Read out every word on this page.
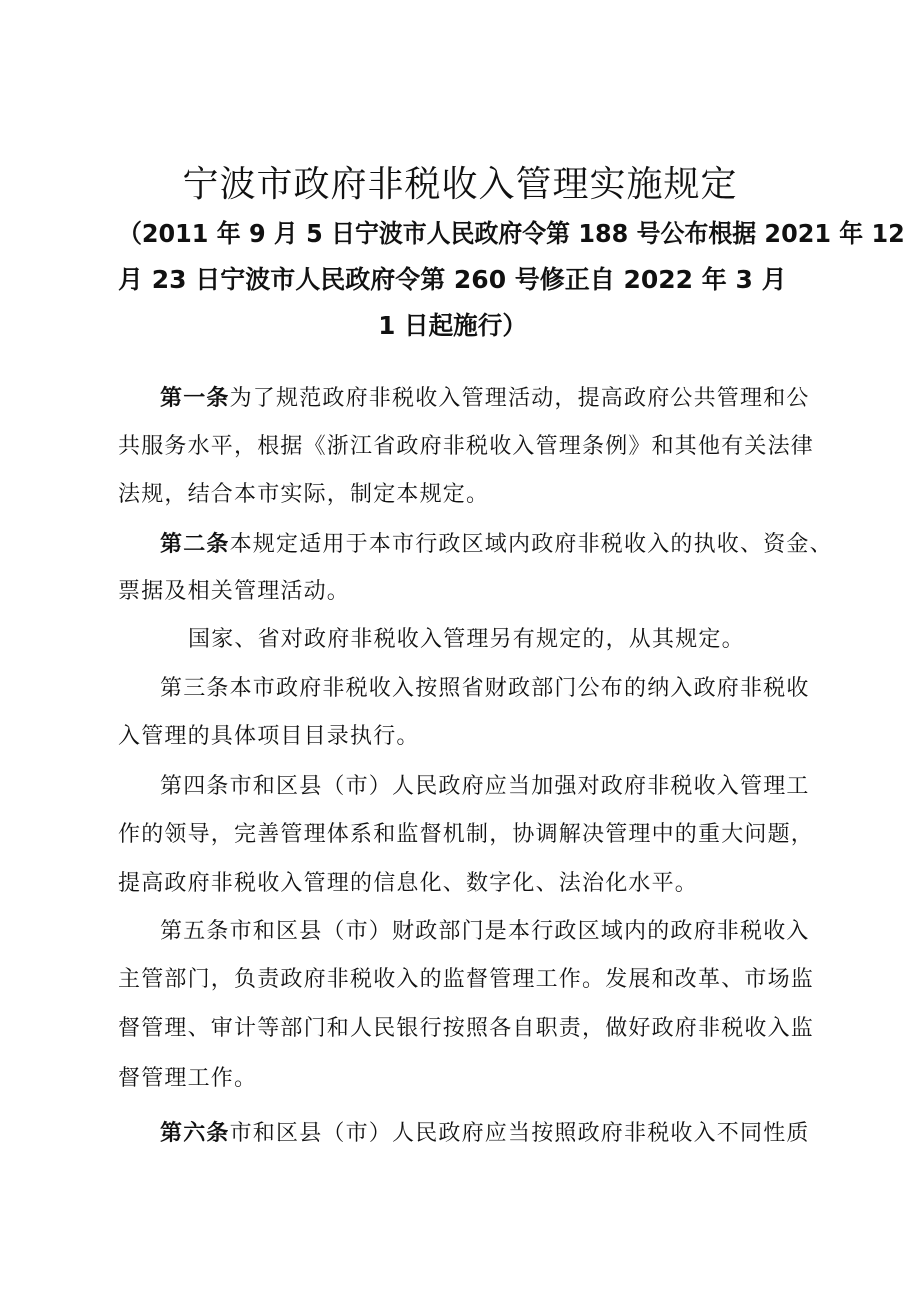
宁波市政府非税收入管理实施规定
（2011 年 9 月 5 日宁波市人民政府令第 188 号公布根据 2021 年 12
月 23 日宁波市人民政府令第 260 号修正自 2022 年 3 月
1 日起施行）
第一条为了规范政府非税收入管理活动，提高政府公共管理和公
共服务水平，根据《浙江省政府非税收入管理条例》和其他有关法律
法规，结合本市实际，制定本规定。
第二条本规定适用于本市行政区域内政府非税收入的执收、资金、
票据及相关管理活动。
国家、省对政府非税收入管理另有规定的，从其规定。
第三条本市政府非税收入按照省财政部门公布的纳入政府非税收
入管理的具体项目目录执行。
第四条市和区县（市）人民政府应当加强对政府非税收入管理工
作的领导，完善管理体系和监督机制，协调解决管理中的重大问题，
提高政府非税收入管理的信息化、数字化、法治化水平。
第五条市和区县（市）财政部门是本行政区域内的政府非税收入
主管部门，负责政府非税收入的监督管理工作。发展和改革、市场监
督管理、审计等部门和人民银行按照各自职责，做好政府非税收入监
督管理工作。
第六条市和区县（市）人民政府应当按照政府非税收入不同性质
